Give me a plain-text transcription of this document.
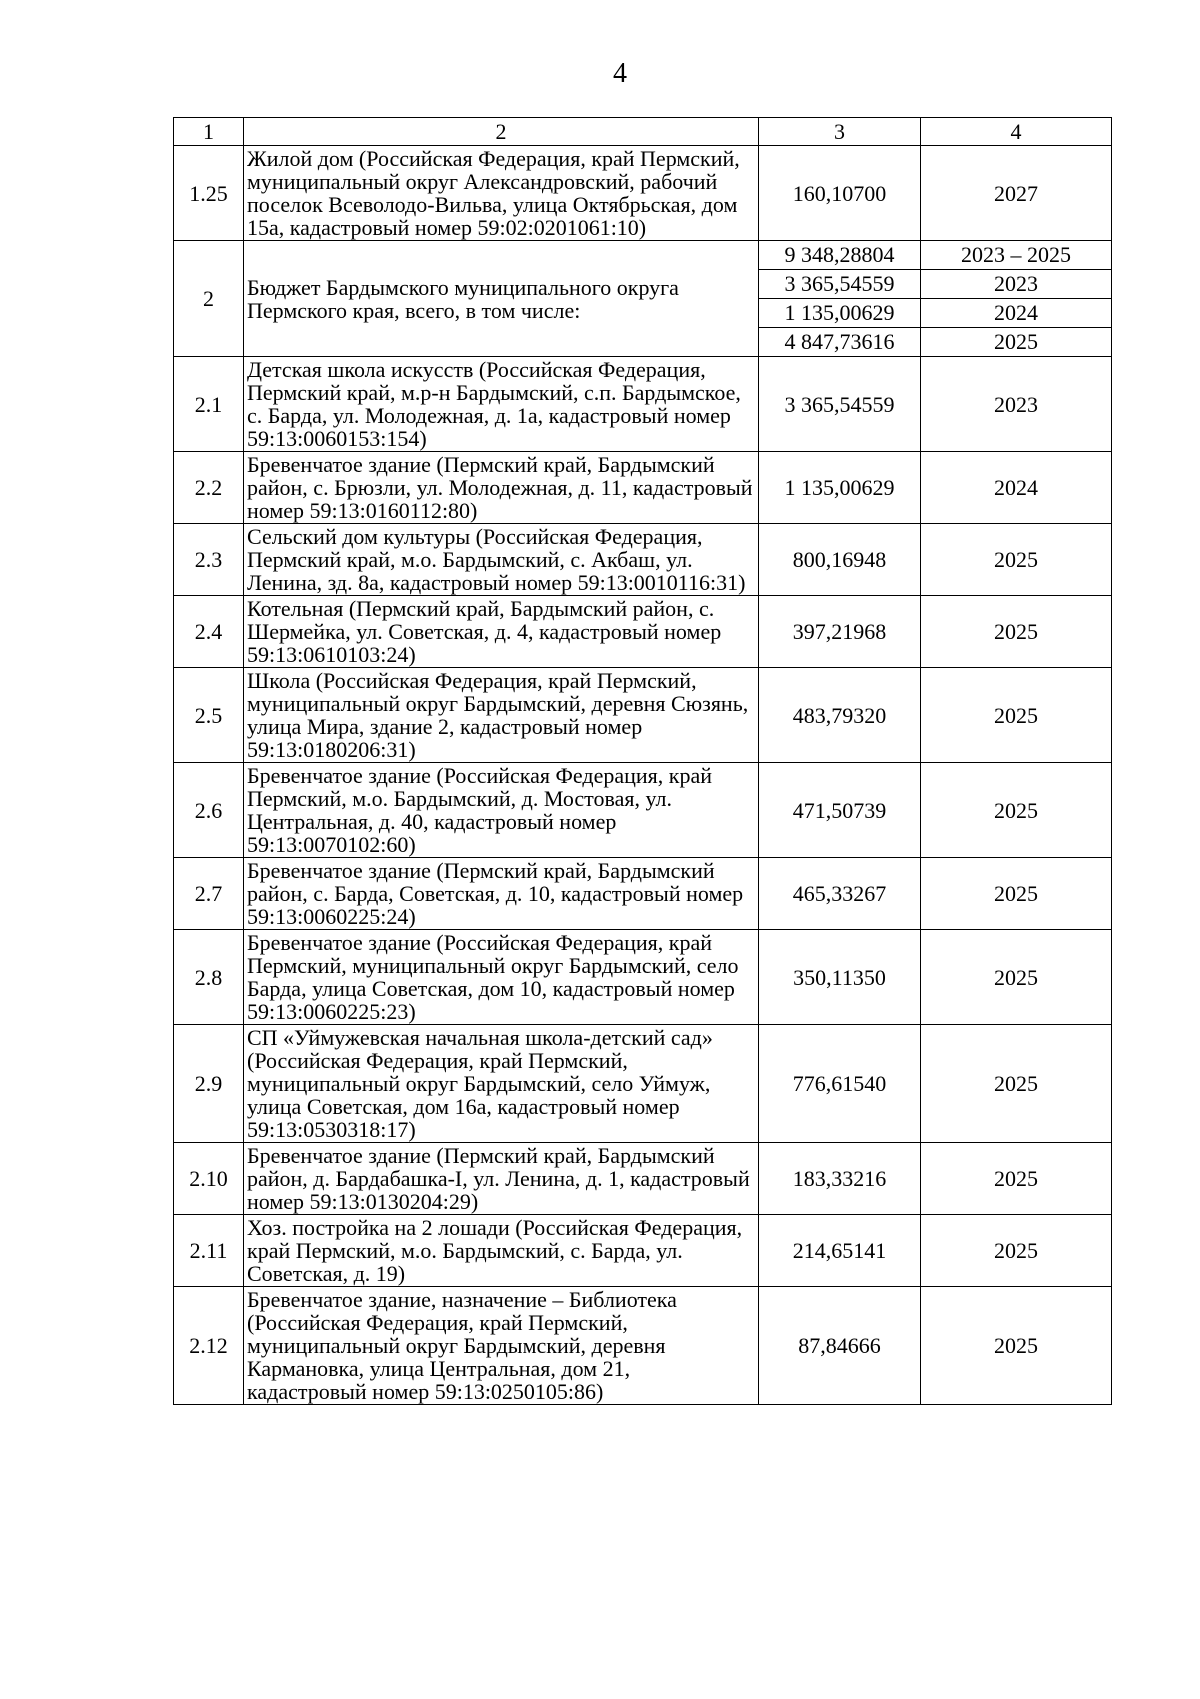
4
1	2	3	4
1.25	Жилой дом (Российская Федерация, край Пермский, муниципальный округ Александровский, рабочий поселок Всеволодо-Вильва, улица Октябрьская, дом 15а, кадастровый номер 59:02:0201061:10)	160,10700	2027
2	Бюджет Бардымского муниципального округа Пермского края, всего, в том числе:	9 348,28804	2023 – 2025
		3 365,54559	2023
		1 135,00629	2024
		4 847,73616	2025
2.1	Детская школа искусств (Российская Федерация, Пермский край, м.р-н Бардымский, с.п. Бардымское, с. Барда, ул. Молодежная, д. 1а, кадастровый номер 59:13:0060153:154)	3 365,54559	2023
2.2	Бревенчатое здание (Пермский край, Бардымский район, с. Брюзли, ул. Молодежная, д. 11, кадастровый номер 59:13:0160112:80)	1 135,00629	2024
2.3	Сельский дом культуры (Российская Федерация, Пермский край, м.о. Бардымский, с. Акбаш, ул. Ленина, зд. 8а, кадастровый номер 59:13:0010116:31)	800,16948	2025
2.4	Котельная (Пермский край, Бардымский район, с. Шермейка, ул. Советская, д. 4, кадастровый номер 59:13:0610103:24)	397,21968	2025
2.5	Школа (Российская Федерация, край Пермский, муниципальный округ Бардымский, деревня Сюзянь, улица Мира, здание 2, кадастровый номер 59:13:0180206:31)	483,79320	2025
2.6	Бревенчатое здание (Российская Федерация, край Пермский, м.о. Бардымский, д. Мостовая, ул. Центральная, д. 40, кадастровый номер 59:13:0070102:60)	471,50739	2025
2.7	Бревенчатое здание (Пермский край, Бардымский район, с. Барда, Советская, д. 10, кадастровый номер 59:13:0060225:24)	465,33267	2025
2.8	Бревенчатое здание (Российская Федерация, край Пермский, муниципальный округ Бардымский, село Барда, улица Советская, дом 10, кадастровый номер 59:13:0060225:23)	350,11350	2025
2.9	СП «Уймужевская начальная школа-детский сад» (Российская Федерация, край Пермский, муниципальный округ Бардымский, село Уймуж, улица Советская, дом 16а, кадастровый номер 59:13:0530318:17)	776,61540	2025
2.10	Бревенчатое здание (Пермский край, Бардымский район, д. Бардабашка-I, ул. Ленина, д. 1, кадастровый номер 59:13:0130204:29)	183,33216	2025
2.11	Хоз. постройка на 2 лошади (Российская Федерация, край Пермский, м.о. Бардымский, с. Барда, ул. Советская, д. 19)	214,65141	2025
2.12	Бревенчатое здание, назначение – Библиотека (Российская Федерация, край Пермский, муниципальный округ Бардымский, деревня Кармановка, улица Центральная, дом 21, кадастровый номер 59:13:0250105:86)	87,84666	2025
